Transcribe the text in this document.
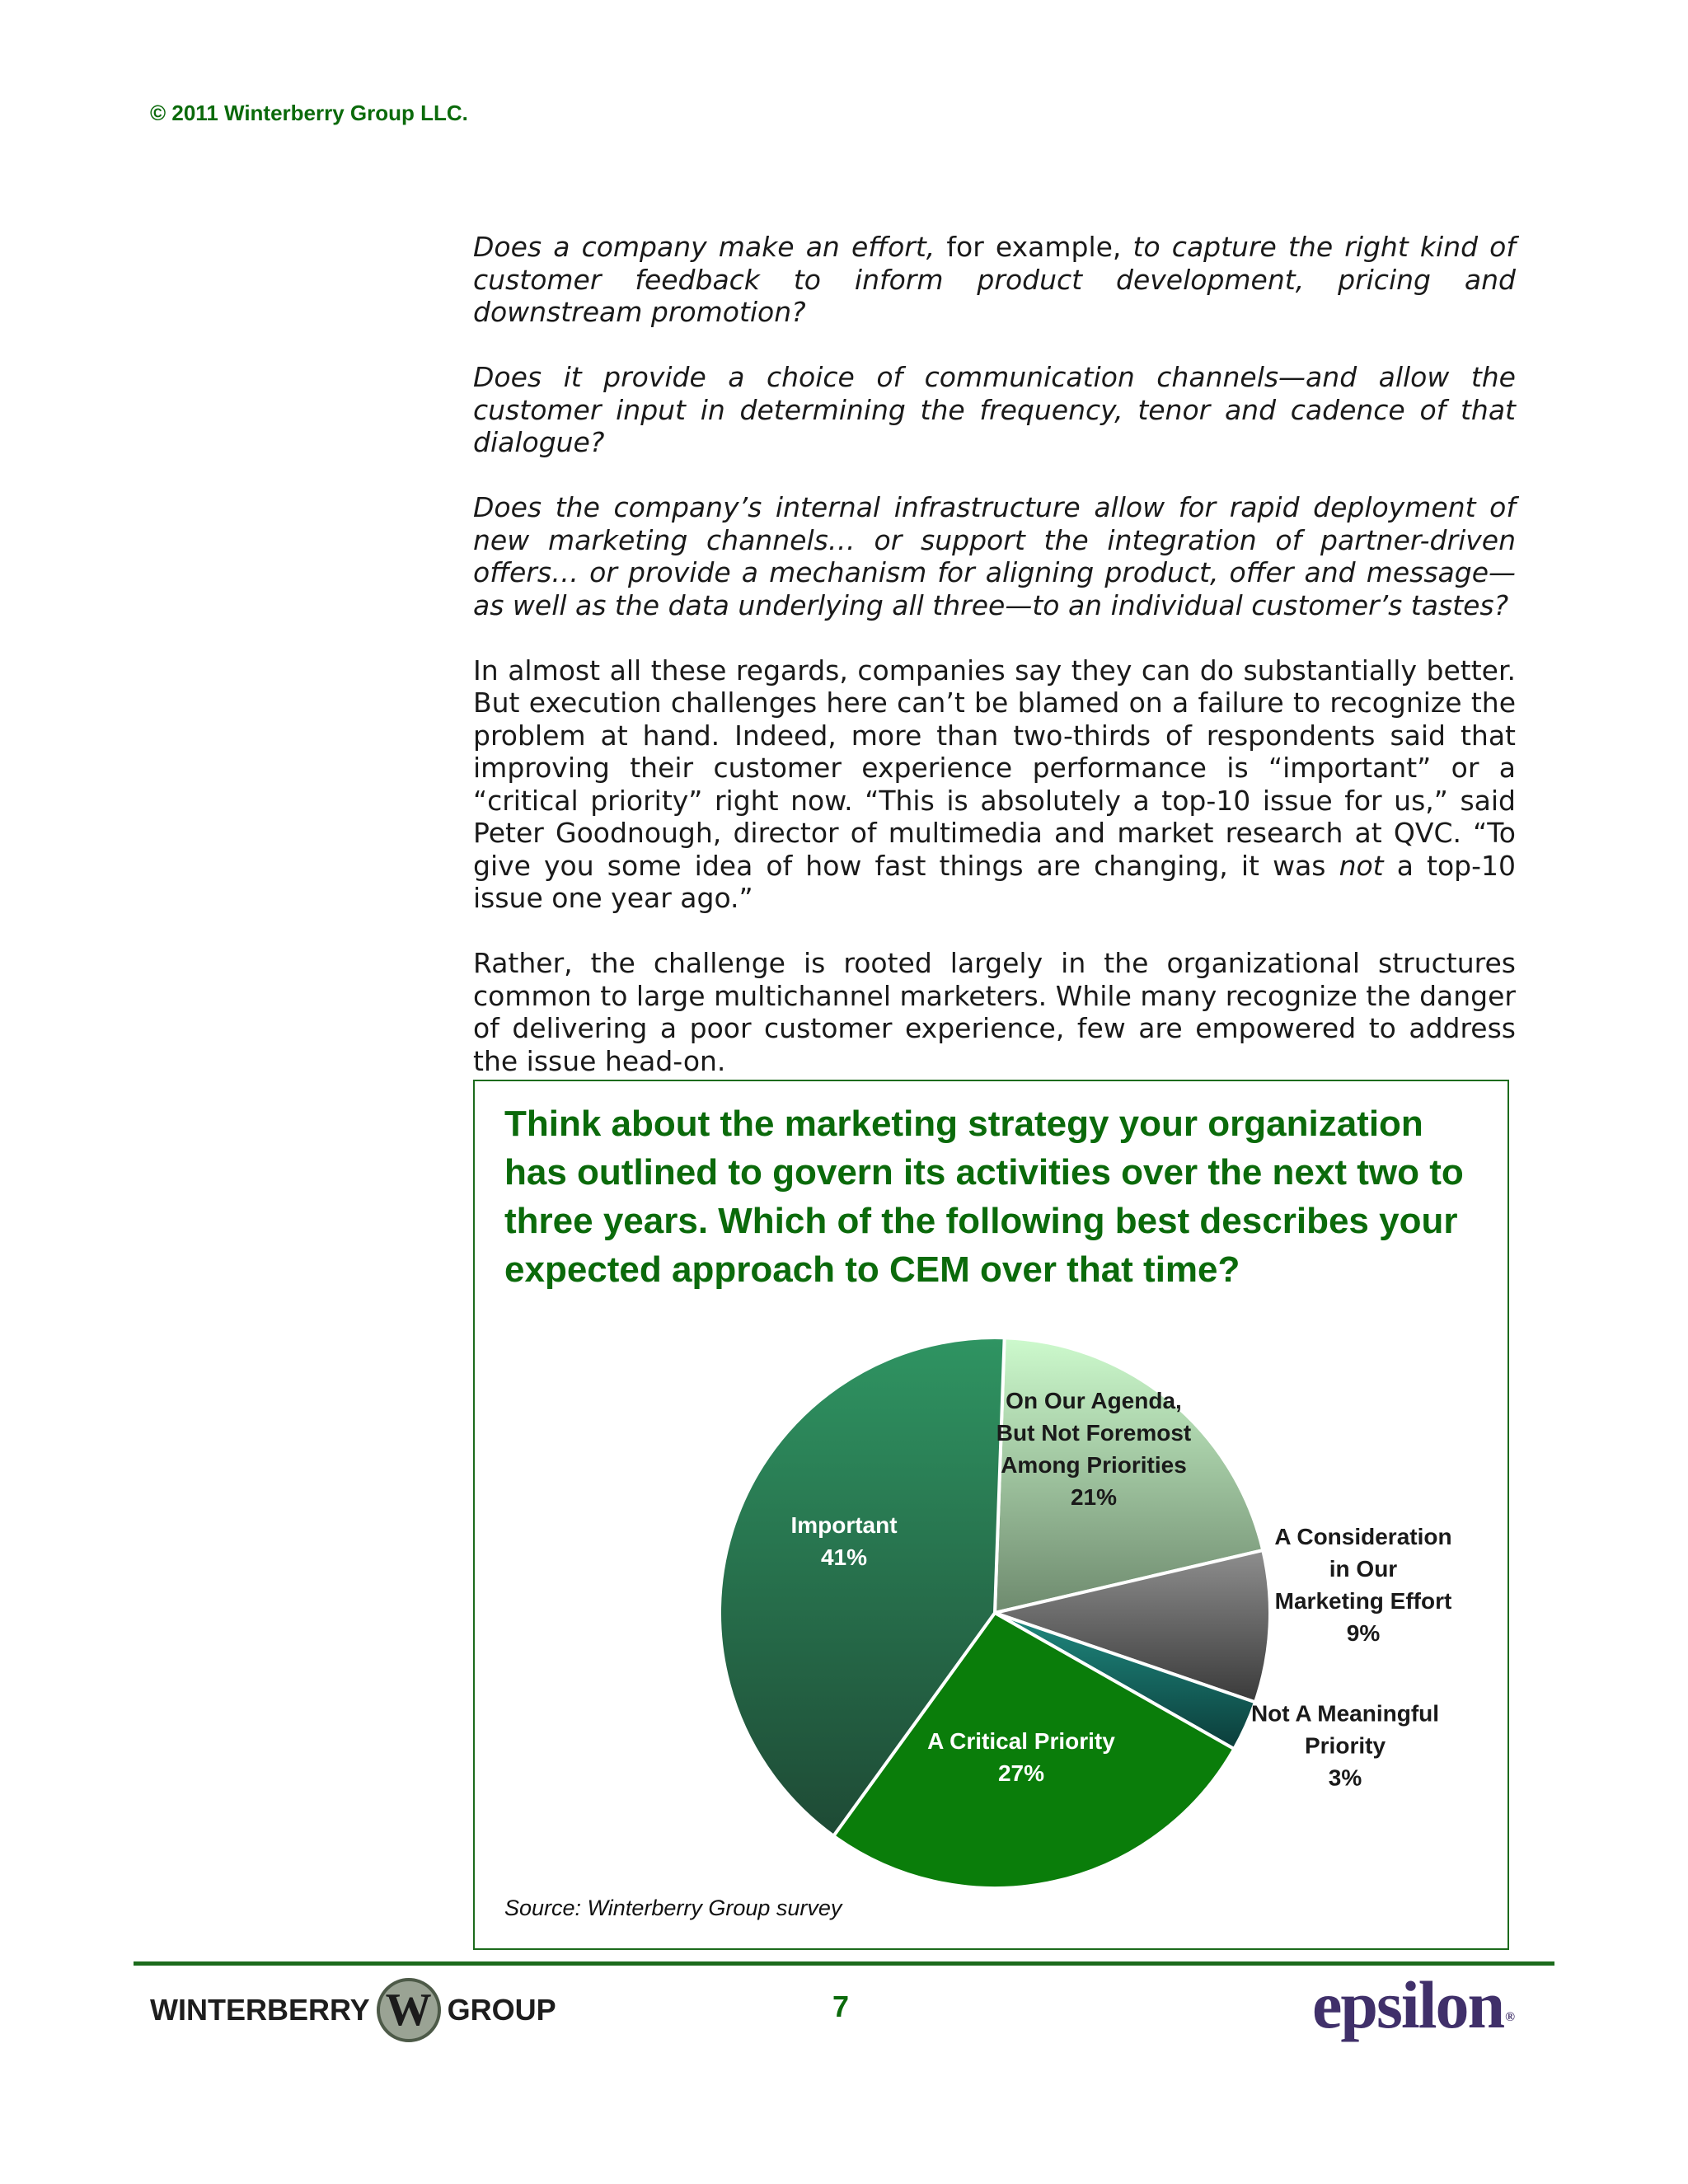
© 2011 Winterberry Group LLC.

Does a company make an effort, for example, to capture the right kind of customer feedback to inform product development, pricing and downstream promotion?

Does it provide a choice of communication channels—and allow the customer input in determining the frequency, tenor and cadence of that dialogue?

Does the company’s internal infrastructure allow for rapid deployment of new marketing channels… or support the integration of partner-driven offers… or provide a mechanism for aligning product, offer and message—as well as the data underlying all three—to an individual customer’s tastes?

In almost all these regards, companies say they can do substantially better. But execution challenges here can’t be blamed on a failure to recognize the problem at hand. Indeed, more than two-thirds of respondents said that improving their customer experience performance is “important” or a “critical priority” right now. “This is absolutely a top-10 issue for us,” said Peter Goodnough, director of multimedia and market research at QVC. “To give you some idea of how fast things are changing, it was not a top-10 issue one year ago.”

Rather, the challenge is rooted largely in the organizational structures common to large multichannel marketers. While many recognize the danger of delivering a poor customer experience, few are empowered to address the issue head-on.

Think about the marketing strategy your organization has outlined to govern its activities over the next two to three years. Which of the following best describes your expected approach to CEM over that time?

On Our Agenda, But Not Foremost Among Priorities 21%
A Consideration in Our Marketing Effort 9%
Not A Meaningful Priority 3%
A Critical Priority 27%
Important 41%
Source: Winterberry Group survey
WINTERBERRY W GROUP	7	epsilon ®
